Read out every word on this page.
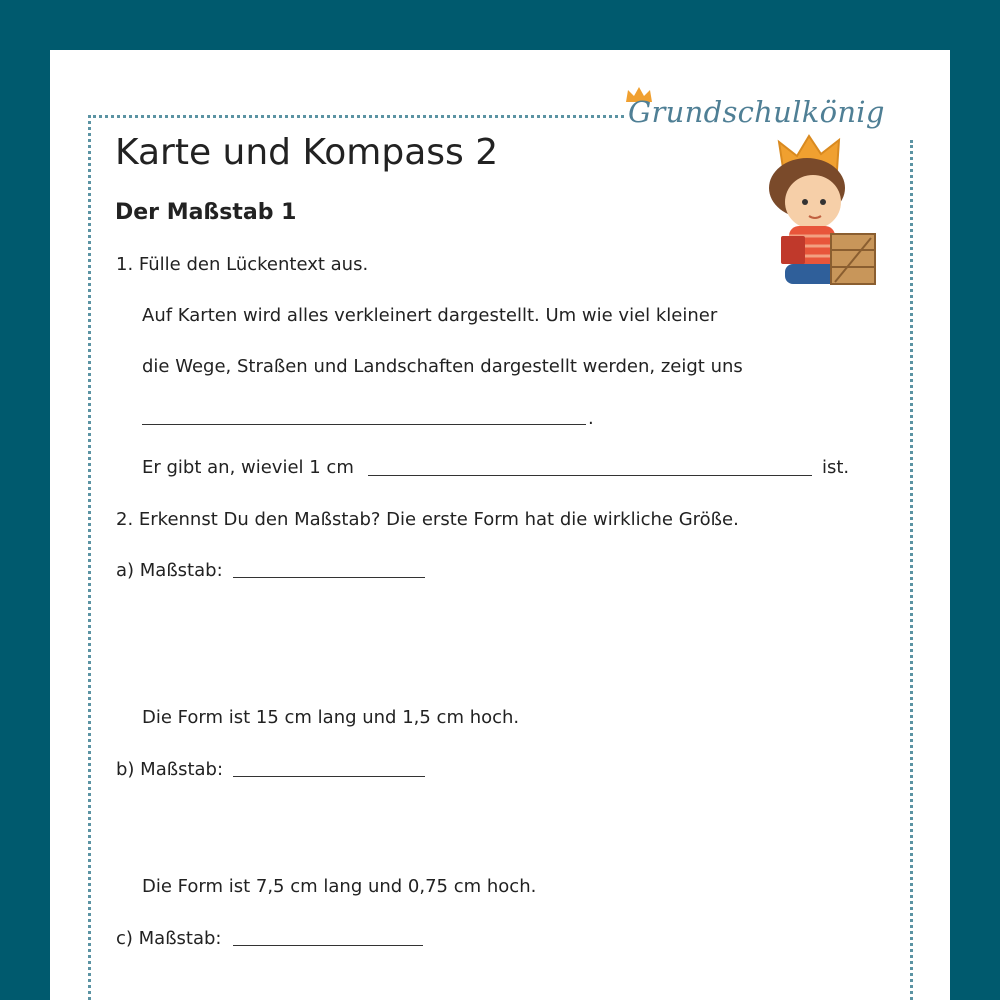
Grundschulkönig
Karte und Kompass 2
Der Maßstab 1
1. Fülle den Lückentext aus.
Auf Karten wird alles verkleinert dargestellt. Um wie viel kleiner
die Wege, Straßen und Landschaften dargestellt werden, zeigt uns
.
Er gibt an, wieviel 1 cm	ist.
2. Erkennst Du den Maßstab? Die erste Form hat die wirkliche Größe.
a) Maßstab:
Die Form ist 15 cm lang und 1,5 cm hoch.
b) Maßstab:
Die Form ist 7,5 cm lang und 0,75 cm hoch.
c) Maßstab:
